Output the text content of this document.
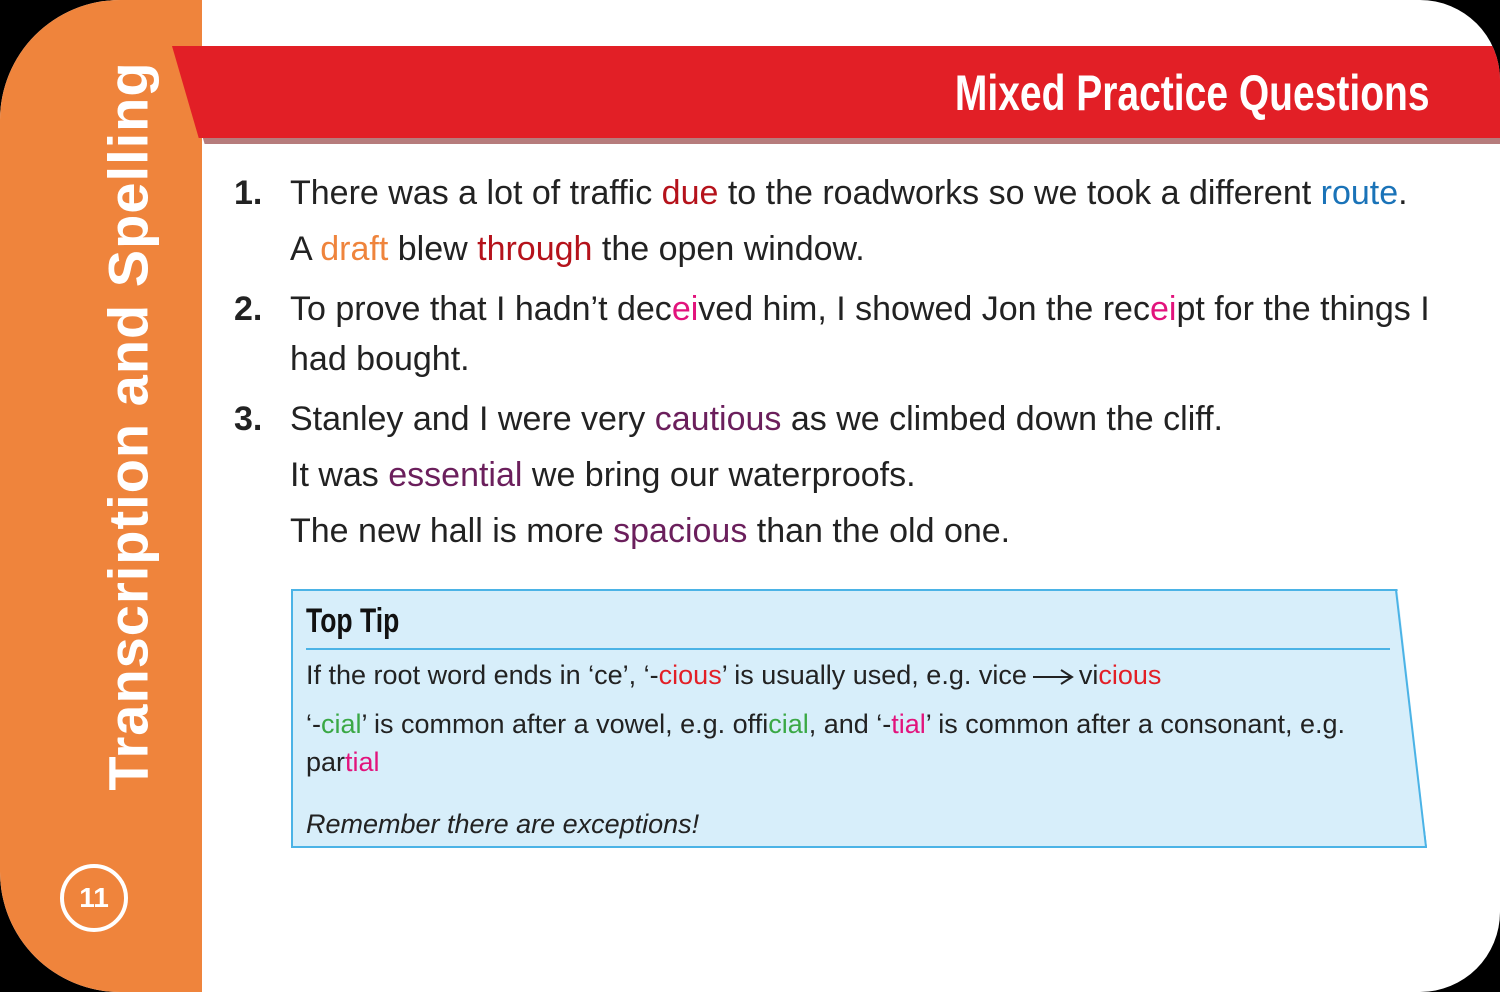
Transcription and Spelling
11
Mixed Practice Questions
1. There was a lot of traffic due to the roadworks so we took a different route.
A draft blew through the open window.
2. To prove that I hadn’t deceived him, I showed Jon the receipt for the things I had bought.
3. Stanley and I were very cautious as we climbed down the cliff.
It was essential we bring our waterproofs.
The new hall is more spacious than the old one.
Top Tip
If the root word ends in ‘ce’, ‘-cious’ is usually used, e.g. vice vicious
‘-cial’ is common after a vowel, e.g. official, and ‘-tial’ is common after a consonant, e.g. partial
Remember there are exceptions!
